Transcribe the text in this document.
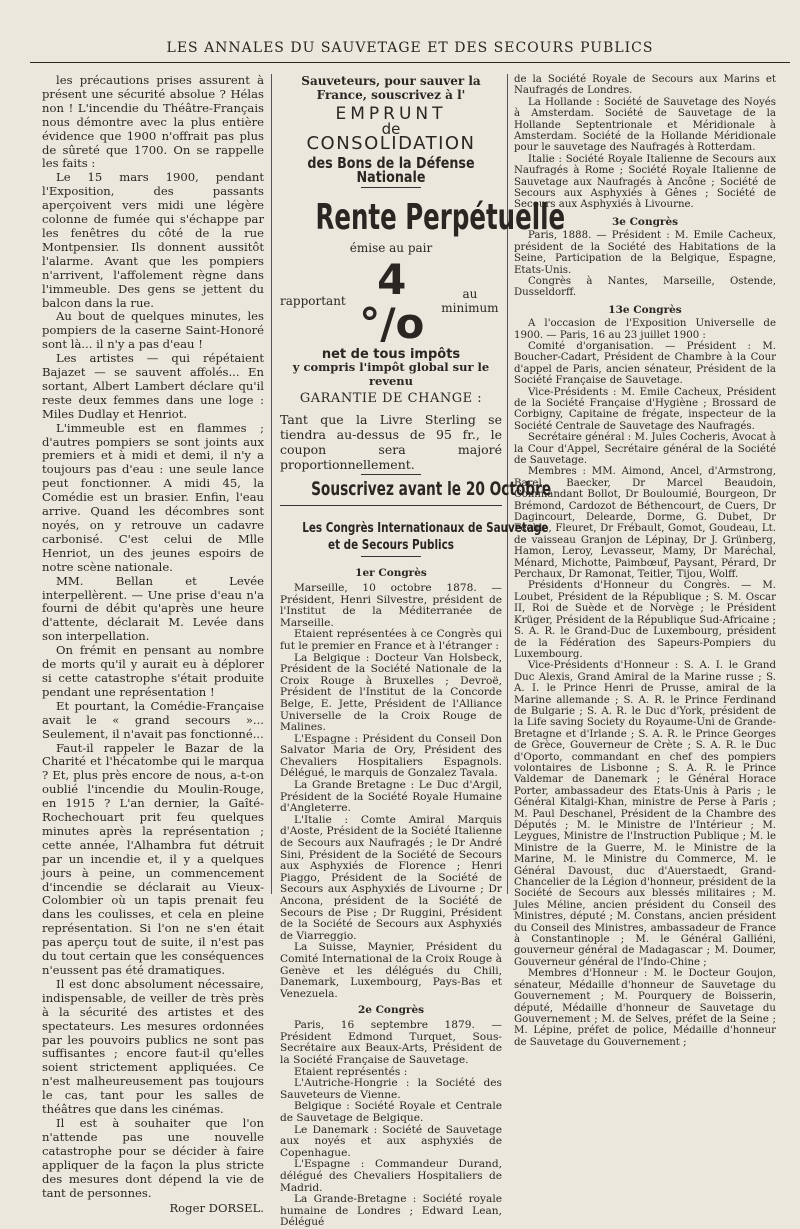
LES ANNALES DU SAUVETAGE ET DES SECOURS PUBLICS

les précautions prises assurent à présent une sécurité absolue ? Hélas non ! L'incendie du Théâtre-Français nous démontre avec la plus entière évidence que 1900 n'offrait pas plus de sûreté que 1700. On se rappelle les faits :

Le 15 mars 1900, pendant l'Exposition, des passants aperçoivent vers midi une légère colonne de fumée qui s'échappe par les fenêtres du côté de la rue Montpensier. Ils donnent aussitôt l'alarme. Avant que les pompiers n'arrivent, l'affolement règne dans l'immeuble. Des gens se jettent du balcon dans la rue.

Au bout de quelques minutes, les pompiers de la caserne Saint-Honoré sont là... il n'y a pas d'eau !

Les artistes — qui répétaient Bajazet — se sauvent affolés... En sortant, Albert Lambert déclare qu'il reste deux femmes dans une loge : Miles Dudlay et Henriot.

L'immeuble est en flammes ; d'autres pompiers se sont joints aux premiers et à midi et demi, il n'y a toujours pas d'eau : une seule lance peut fonctionner. A midi 45, la Comédie est un brasier. Enfin, l'eau arrive. Quand les décombres sont noyés, on y retrouve un cadavre carbonisé. C'est celui de Mlle Henriot, un des jeunes espoirs de notre scène nationale.

MM. Bellan et Levée interpellèrent. — Une prise d'eau n'a fourni de débit qu'après une heure d'attente, déclarait M. Levée dans son interpellation.

On frémit en pensant au nombre de morts qu'il y aurait eu à déplorer si cette catastrophe s'était produite pendant une représentation !

Et pourtant, la Comédie-Française avait le « grand secours »... Seulement, il n'avait pas fonctionné...

Faut-il rappeler le Bazar de la Charité et l'hécatombe qui le marqua ? Et, plus près encore de nous, a-t-on oublié l'incendie du Moulin-Rouge, en 1915 ? L'an dernier, la Gaîté-Rochechouart prit feu quelques minutes après la représentation ; cette année, l'Alhambra fut détruit par un incendie et, il y a quelques jours à peine, un commencement d'incendie se déclarait au Vieux-Colombier où un tapis prenait feu dans les coulisses, et cela en pleine représentation. Si l'on ne s'en était pas aperçu tout de suite, il n'est pas du tout certain que les conséquences n'eussent pas été dramatiques.

Il est donc absolument nécessaire, indispensable, de veiller de très près à la sécurité des artistes et des spectateurs. Les mesures ordonnées par les pouvoirs publics ne sont pas suffisantes ; encore faut-il qu'elles soient strictement appliquées. Ce n'est malheureusement pas toujours le cas, tant pour les salles de théâtres que dans les cinémas.

Il est à souhaiter que l'on n'attende pas une nouvelle catastrophe pour se décider à faire appliquer de la façon la plus stricte des mesures dont dépend la vie de tant de personnes.

Roger DORSEL.
Sauveteurs, pour sauver la France, souscrivez à l'
EMPRUNT
de
CONSOLIDATION
des Bons de la Défense Nationale
Rente Perpétuelle
émise au pair
rapportant 4 °/o
au minimum
net de tous impôts
y compris l'impôt global sur le revenu
GARANTIE DE CHANGE :
Tant que la Livre Sterling se tiendra au-dessus de 95 fr., le coupon sera majoré proportionnellement.
Souscrivez avant le 20 Octobre
Les Congrès Internationaux de Sauvetage
et de Secours Publics
1er Congrès

Marseille, 10 octobre 1878. — Président, Henri Silvestre, président de l'Institut de la Méditerranée de Marseille.

Etaient représentées à ce Congrès qui fut le premier en France et à l'étranger :

La Belgique : Docteur Van Holsbeck, Président de la Société Nationale de la Croix Rouge à Bruxelles ; Devroë, Président de l'Institut de la Concorde Belge, E. Jette, Président de l'Alliance Universelle de la Croix Rouge de Malines.

L'Espagne : Président du Conseil Don Salvator Maria de Ory, Président des Chevaliers Hospitaliers Espagnols. Délégué, le marquis de Gonzalez Tavala.

La Grande Bretagne : Le Duc d'Argil, Président de la Société Royale Humaine d'Angleterre.

L'Italie : Comte Amiral Marquis d'Aoste, Président de la Société Italienne de Secours aux Naufragés ; le Dr André Sini, Président de la Société de Secours aux Asphyxiés de Florence ; Henri Piaggo, Président de la Société de Secours aux Asphyxiés de Livourne ; Dr Ancona, président de la Société de Secours de Pise ; Dr Ruggini, Président de la Société de Secours aux Asphyxiés de Viarreggio.

La Suisse, Maynier, Président du Comité International de la Croix Rouge à Genève et les délégués du Chili, Danemark, Luxembourg, Pays-Bas et Venezuela.

2e Congrès

Paris, 16 septembre 1879. — Président Edmond Turquet, Sous-Secrétaire aux Beaux-Arts, Président de la Société Française de Sauvetage.

Etaient représentés :

L'Autriche-Hongrie : la Société des Sauveteurs de Vienne.

Belgique : Société Royale et Centrale de Sauvetage de Belgique.

Le Danemark : Société de Sauvetage aux noyés et aux asphyxiés de Copenhague.

L'Espagne : Commandeur Durand, délégué des Chevaliers Hospitaliers de Madrid.

La Grande-Bretagne : Société royale humaine de Londres ; Edward Lean, Délégué

de la Société Royale de Secours aux Marins et Naufragés de Londres.

La Hollande : Société de Sauvetage des Noyés à Amsterdam. Société de Sauvetage de la Hollande Septentrionale et Méridionale à Amsterdam. Société de la Hollande Méridionale pour le sauvetage des Naufragés à Rotterdam.

Italie : Société Royale Italienne de Secours aux Naufragés à Rome ; Société Royale Italienne de Sauvetage aux Naufragés à Ancône ; Société de Secours aux Asphyxiés à Gênes ; Société de Secours aux Asphyxiés à Livourne.

3e Congrès

Paris, 1888. — Président : M. Emile Cacheux, président de la Société des Habitations de la Seine, Participation de la Belgique, Espagne, Etats-Unis.

Congrès à Nantes, Marseille, Ostende, Dusseldorff.

13e Congrès

A l'occasion de l'Exposition Universelle de 1900. — Paris, 16 au 23 juillet 1900 :

Comité d'organisation. — Président : M. Boucher-Cadart, Président de Chambre à la Cour d'appel de Paris, ancien sénateur, Président de la Société Française de Sauvetage.

Vice-Présidents : M. Emile Cacheux, Président de la Société Française d'Hygiène ; Brossard de Corbigny, Capitaine de frégate, inspecteur de la Société Centrale de Sauvetage des Naufragés.

Secrétaire général : M. Jules Cocheris, Avocat à la Cour d'Appel, Secrétaire général de la Société de Sauvetage.

Membres : MM. Aimond, Ancel, d'Armstrong, Barel, Baecker, Dr Marcel Beaudoin, Commandant Bollot, Dr Bouloumié, Bourgeon, Dr Brémond, Cardozot de Béthencourt, de Cuers, Dr Dagincourt, Delearde, Dorme, G. Dubet, Dr Feolde, Fleuret, Dr Frébault, Gomot, Goudeau, Lt. de vaisseau Granjon de Lépinay, Dr J. Grünberg, Hamon, Leroy, Levasseur, Mamy, Dr Maréchal, Ménard, Michotte, Paimbœuf, Paysant, Pérard, Dr Perchaux, Dr Ramonat, Teitler, Tijou, Wolff.

Présidents d'Honneur du Congrès. — M. Loubet, Président de la République ; S. M. Oscar II, Roi de Suède et de Norvège ; le Président Krüger, Président de la République Sud-Africaine ; S. A. R. le Grand-Duc de Luxembourg, président de la Fédération des Sapeurs-Pompiers du Luxembourg.

Vice-Présidents d'Honneur : S. A. I. le Grand Duc Alexis, Grand Amiral de la Marine russe ; S. A. I. le Prince Henri de Prusse, amiral de la Marine allemande ; S. A. R. le Prince Ferdinand de Bulgarie ; S. A. R. le Duc d'York, président de la Life saving Society du Royaume-Uni de Grande-Bretagne et d'Irlande ; S. A. R. le Prince Georges de Grèce, Gouverneur de Crète ; S. A. R. le Duc d'Oporto, commandant en chef des pompiers volontaires de Lisbonne ; S. A. R. le Prince Valdemar de Danemark ; le Général Horace Porter, ambassadeur des Etats-Unis à Paris ; le Général Kitalgi-Khan, ministre de Perse à Paris ; M. Paul Deschanel, Président de la Chambre des Députés ; M. le Ministre de l'Intérieur ; M. Leygues, Ministre de l'Instruction Publique ; M. le Ministre de la Guerre, M. le Ministre de la Marine, M. le Ministre du Commerce, M. le Général Davoust, duc d'Auerstaedt, Grand-Chancelier de la Légion d'honneur, président de la Société de Secours aux blessés militaires ; M. Jules Méline, ancien président du Conseil des Ministres, député ; M. Constans, ancien président du Conseil des Ministres, ambassadeur de France à Constantinople ; M. le Général Galliéni, gouverneur général de Madagascar ; M. Doumer, Gouverneur général de l'Indo-Chine ;

Membres d'Honneur : M. le Docteur Goujon, sénateur, Médaille d'honneur de Sauvetage du Gouvernement ; M. Pourquery de Boisserin, député, Médaille d'honneur de Sauvetage du Gouvernement ; M. de Selves, préfet de la Seine ; M. Lépine, préfet de police, Médaille d'honneur de Sauvetage du Gouvernement ;
